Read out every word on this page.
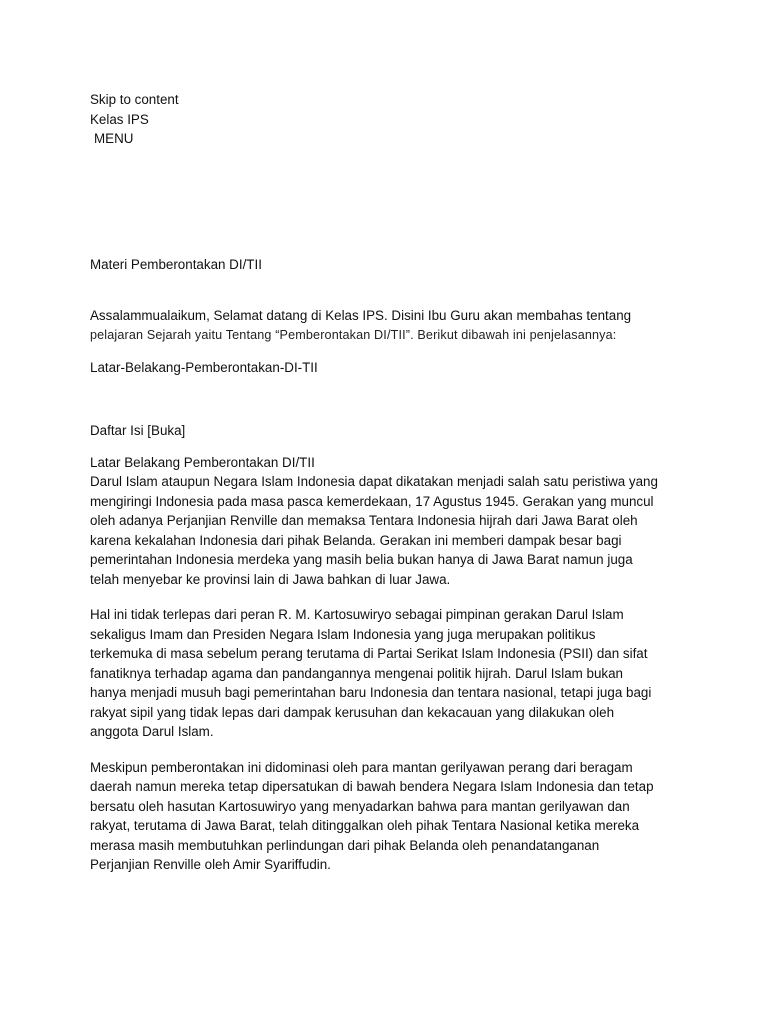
Skip to content
Kelas IPS
MENU
Materi Pemberontakan DI/TII
Assalammualaikum, Selamat datang di Kelas IPS. Disini Ibu Guru akan membahas tentang
pelajaran Sejarah yaitu Tentang “Pemberontakan DI/TII”. Berikut dibawah ini penjelasannya:
Latar-Belakang-Pemberontakan-DI-TII
Daftar Isi [Buka]
Latar Belakang Pemberontakan DI/TII
Darul Islam ataupun Negara Islam Indonesia dapat dikatakan menjadi salah satu peristiwa yang
mengiringi Indonesia pada masa pasca kemerdekaan, 17 Agustus 1945. Gerakan yang muncul
oleh adanya Perjanjian Renville dan memaksa Tentara Indonesia hijrah dari Jawa Barat oleh
karena kekalahan Indonesia dari pihak Belanda. Gerakan ini memberi dampak besar bagi
pemerintahan Indonesia merdeka yang masih belia bukan hanya di Jawa Barat namun juga
telah menyebar ke provinsi lain di Jawa bahkan di luar Jawa.
Hal ini tidak terlepas dari peran R. M. Kartosuwiryo sebagai pimpinan gerakan Darul Islam
sekaligus Imam dan Presiden Negara Islam Indonesia yang juga merupakan politikus
terkemuka di masa sebelum perang terutama di Partai Serikat Islam Indonesia (PSII) dan sifat
fanatiknya terhadap agama dan pandangannya mengenai politik hijrah. Darul Islam bukan
hanya menjadi musuh bagi pemerintahan baru Indonesia dan tentara nasional, tetapi juga bagi
rakyat sipil yang tidak lepas dari dampak kerusuhan dan kekacauan yang dilakukan oleh
anggota Darul Islam.
Meskipun pemberontakan ini didominasi oleh para mantan gerilyawan perang dari beragam
daerah namun mereka tetap dipersatukan di bawah bendera Negara Islam Indonesia dan tetap
bersatu oleh hasutan Kartosuwiryo yang menyadarkan bahwa para mantan gerilyawan dan
rakyat, terutama di Jawa Barat, telah ditinggalkan oleh pihak Tentara Nasional ketika mereka
merasa masih membutuhkan perlindungan dari pihak Belanda oleh penandatanganan
Perjanjian Renville oleh Amir Syariffudin.
